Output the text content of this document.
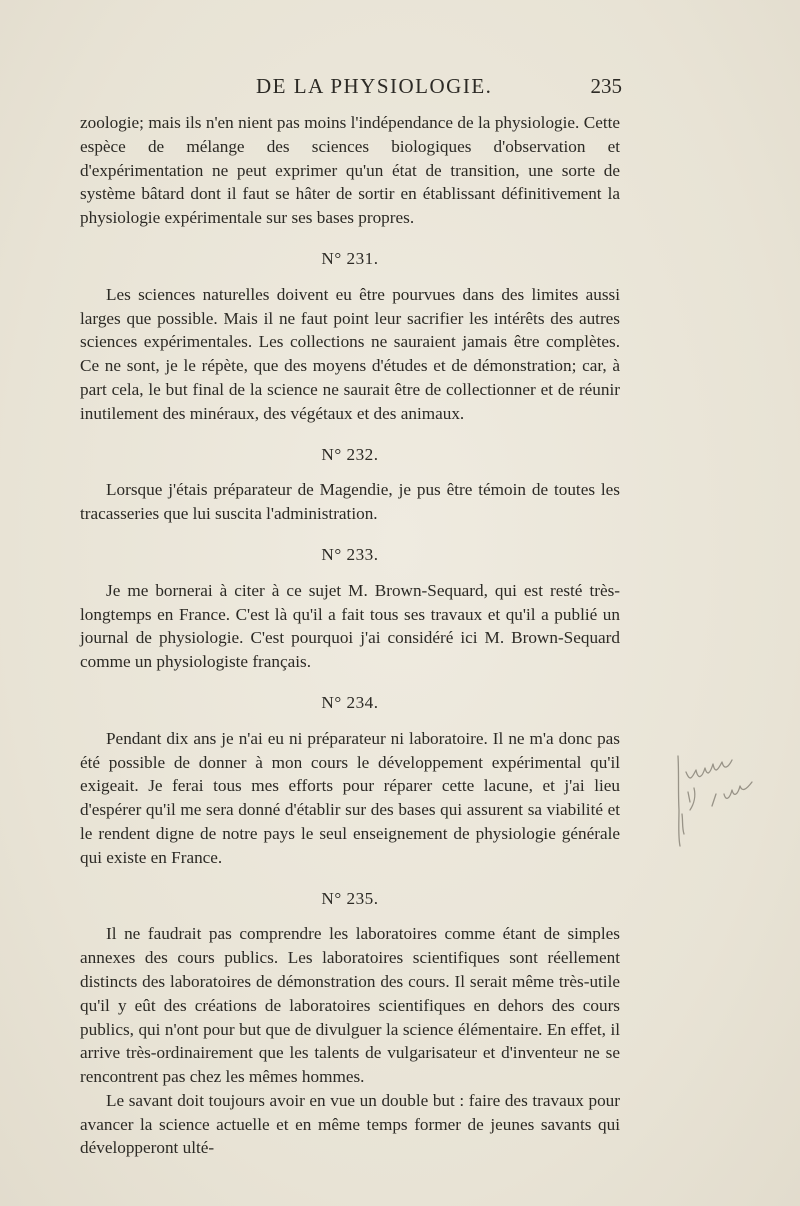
DE LA PHYSIOLOGIE.	235

zoologie; mais ils n'en nient pas moins l'indépendance de la physiologie. Cette espèce de mélange des sciences biologiques d'observation et d'expérimentation ne peut exprimer qu'un état de transition, une sorte de système bâtard dont il faut se hâter de sortir en établissant définitivement la physiologie expérimentale sur ses bases propres.

N° 231.

Les sciences naturelles doivent eu être pourvues dans des limites aussi larges que possible. Mais il ne faut point leur sacrifier les intérêts des autres sciences expérimentales. Les collections ne sauraient jamais être complètes. Ce ne sont, je le répète, que des moyens d'études et de démonstration; car, à part cela, le but final de la science ne saurait être de collectionner et de réunir inutilement des minéraux, des végétaux et des animaux.

N° 232.

Lorsque j'étais préparateur de Magendie, je pus être témoin de toutes les tracasseries que lui suscita l'administration.

N° 233.

Je me bornerai à citer à ce sujet M. Brown-Sequard, qui est resté très-longtemps en France. C'est là qu'il a fait tous ses travaux et qu'il a publié un journal de physiologie. C'est pourquoi j'ai considéré ici M. Brown-Sequard comme un physiologiste français.

N° 234.

Pendant dix ans je n'ai eu ni préparateur ni laboratoire. Il ne m'a donc pas été possible de donner à mon cours le développement expérimental qu'il exigeait. Je ferai tous mes efforts pour réparer cette lacune, et j'ai lieu d'espérer qu'il me sera donné d'établir sur des bases qui assurent sa viabilité et le rendent digne de notre pays le seul enseignement de physiologie générale qui existe en France.

N° 235.

Il ne faudrait pas comprendre les laboratoires comme étant de simples annexes des cours publics. Les laboratoires scientifiques sont réellement distincts des laboratoires de démonstration des cours. Il serait même très-utile qu'il y eût des créations de laboratoires scientifiques en dehors des cours publics, qui n'ont pour but que de divulguer la science élémentaire. En effet, il arrive très-ordinairement que les talents de vulgarisateur et d'inventeur ne se rencontrent pas chez les mêmes hommes.

Le savant doit toujours avoir en vue un double but : faire des travaux pour avancer la science actuelle et en même temps former de jeunes savants qui développeront ulté-
